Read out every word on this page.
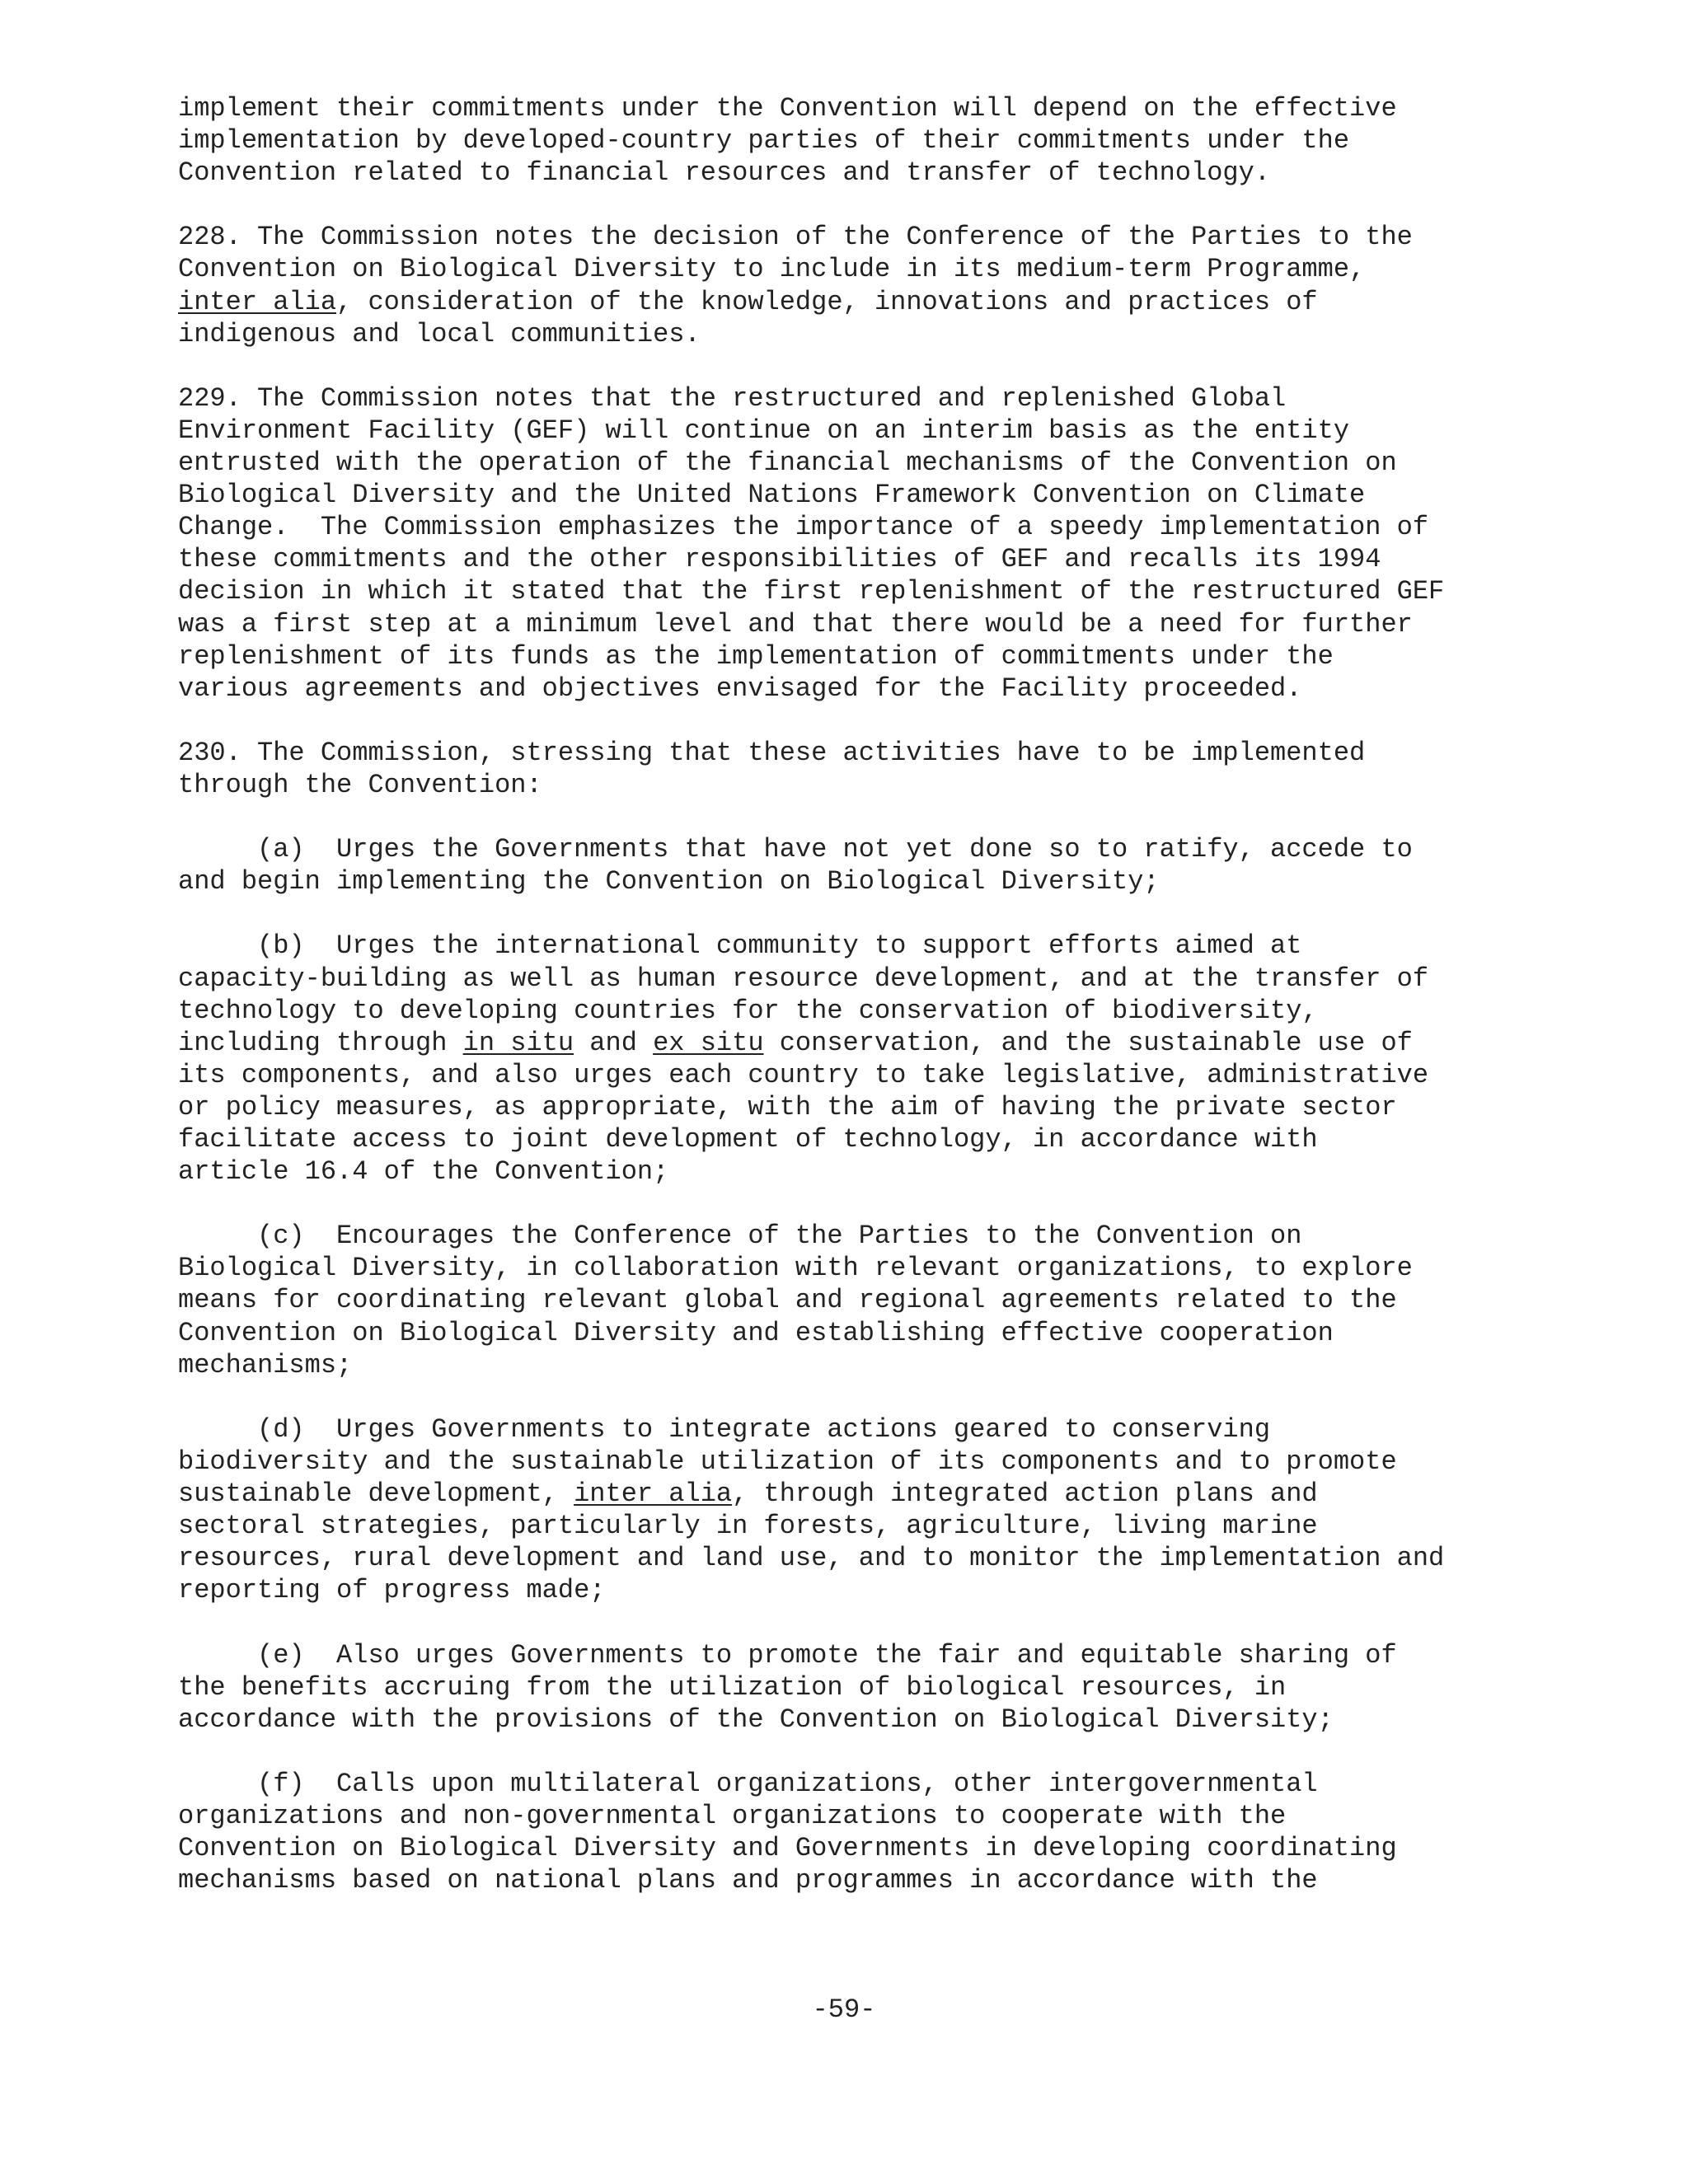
implement their commitments under the Convention will depend on the effective
implementation by developed-country parties of their commitments under the
Convention related to financial resources and transfer of technology.
228. The Commission notes the decision of the Conference of the Parties to the
Convention on Biological Diversity to include in its medium-term Programme,
inter alia, consideration of the knowledge, innovations and practices of
indigenous and local communities.
229. The Commission notes that the restructured and replenished Global
Environment Facility (GEF) will continue on an interim basis as the entity
entrusted with the operation of the financial mechanisms of the Convention on
Biological Diversity and the United Nations Framework Convention on Climate
Change.  The Commission emphasizes the importance of a speedy implementation of
these commitments and the other responsibilities of GEF and recalls its 1994
decision in which it stated that the first replenishment of the restructured GEF
was a first step at a minimum level and that there would be a need for further
replenishment of its funds as the implementation of commitments under the
various agreements and objectives envisaged for the Facility proceeded.
230. The Commission, stressing that these activities have to be implemented
through the Convention:
(a)  Urges the Governments that have not yet done so to ratify, accede to
and begin implementing the Convention on Biological Diversity;
(b)  Urges the international community to support efforts aimed at
capacity-building as well as human resource development, and at the transfer of
technology to developing countries for the conservation of biodiversity,
including through in situ and ex situ conservation, and the sustainable use of
its components, and also urges each country to take legislative, administrative
or policy measures, as appropriate, with the aim of having the private sector
facilitate access to joint development of technology, in accordance with
article 16.4 of the Convention;
(c)  Encourages the Conference of the Parties to the Convention on
Biological Diversity, in collaboration with relevant organizations, to explore
means for coordinating relevant global and regional agreements related to the
Convention on Biological Diversity and establishing effective cooperation
mechanisms;
(d)  Urges Governments to integrate actions geared to conserving
biodiversity and the sustainable utilization of its components and to promote
sustainable development, inter alia, through integrated action plans and
sectoral strategies, particularly in forests, agriculture, living marine
resources, rural development and land use, and to monitor the implementation and
reporting of progress made;
(e)  Also urges Governments to promote the fair and equitable sharing of
the benefits accruing from the utilization of biological resources, in
accordance with the provisions of the Convention on Biological Diversity;
(f)  Calls upon multilateral organizations, other intergovernmental
organizations and non-governmental organizations to cooperate with the
Convention on Biological Diversity and Governments in developing coordinating
mechanisms based on national plans and programmes in accordance with the
-59-
